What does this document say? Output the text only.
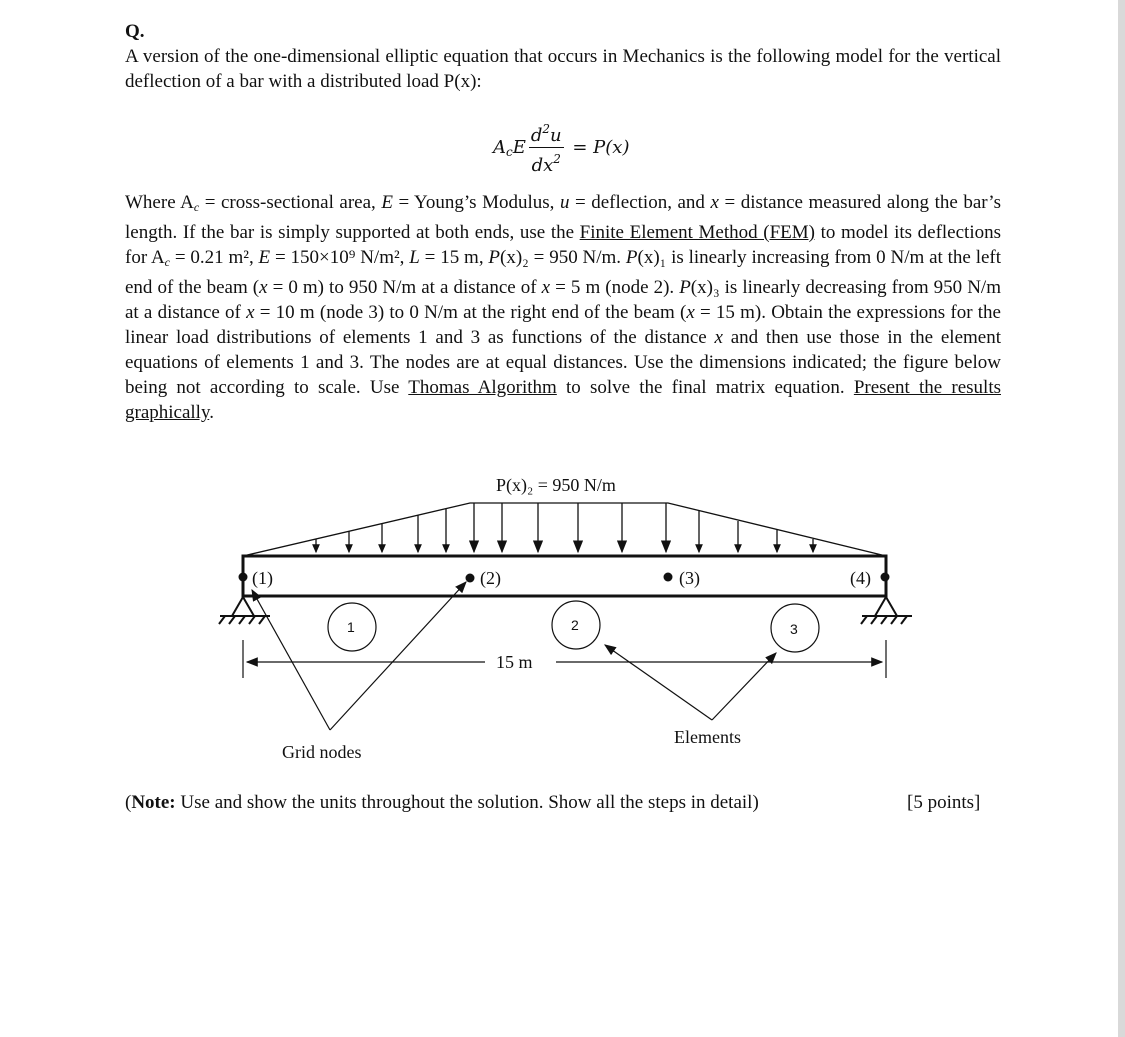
Q.

A version of the one-dimensional elliptic equation that occurs in Mechanics is the following model for the vertical deflection of a bar with a distributed load P(x):

$A_cE \frac{d^2u}{dx^2} = P(x)$

Where $A_c$ = cross-sectional area, E = Young’s Modulus, u = deflection, and x = distance measured along the bar’s length. If the bar is simply supported at both ends, use the Finite Element Method (FEM) to model its deflections for $A_c = 0.21$ m², E = 150×10⁹ N/m², L = 15 m, P(x)₂ = 950 N/m. P(x)₁ is linearly increasing from 0 N/m at the left end of the beam (x = 0 m) to 950 N/m at a distance of x = 5 m (node 2). P(x)₃ is linearly decreasing from 950 N/m at a distance of x = 10 m (node 3) to 0 N/m at the right end of the beam (x = 15 m). Obtain the expressions for the linear load distributions of elements 1 and 3 as functions of the distance x and then use those in the element equations of elements 1 and 3. The nodes are at equal distances. Use the dimensions indicated; the figure below being not according to scale. Use Thomas Algorithm to solve the final matrix equation. Present the results graphically.

P(x)₂ = 950 N/m
(1)	(2)	(3)	(4)
1	2	3
15 m
Grid nodes
Elements
(Note: Use and show the units throughout the solution. Show all the steps in detail)	[5 points]
